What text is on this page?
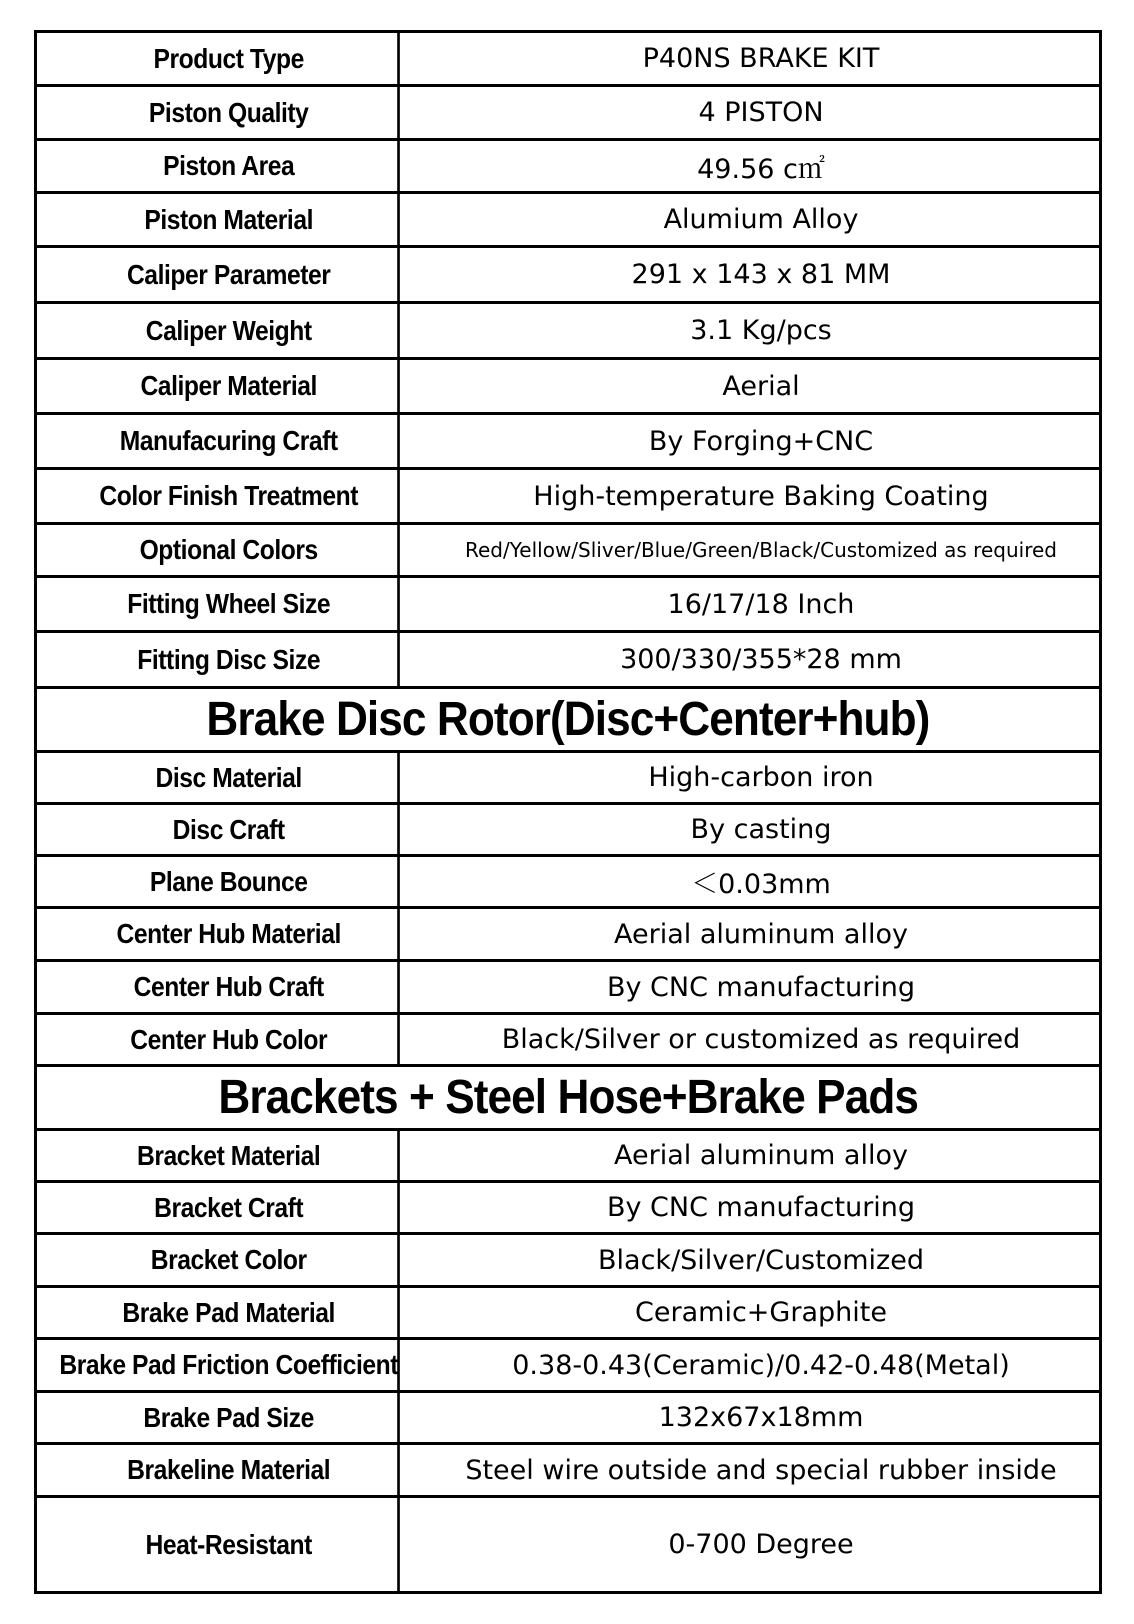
Product Type	P40NS BRAKE KIT
Piston Quality	4 PISTON
Piston Area	49.56 c㎡
Piston Material	Alumium Alloy
Caliper Parameter	291 x 143 x 81 MM
Caliper Weight	3.1 Kg/pcs
Caliper Material	Aerial
Manufacuring Craft	By Forging+CNC
Color Finish Treatment	High-temperature Baking Coating
Optional Colors	Red/Yellow/Sliver/Blue/Green/Black/Customized as required
Fitting Wheel Size	16/17/18 Inch
Fitting Disc Size	300/330/355*28 mm
Brake Disc Rotor(Disc+Center+hub)
Disc Material	High-carbon iron
Disc Craft	By casting
Plane Bounce	＜0.03mm
Center Hub Material	Aerial aluminum alloy
Center Hub Craft	By CNC manufacturing
Center Hub Color	Black/Silver or customized as required
Brackets + Steel Hose+Brake Pads
Bracket Material	Aerial aluminum alloy
Bracket Craft	By CNC manufacturing
Bracket Color	Black/Silver/Customized
Brake Pad Material	Ceramic+Graphite
Brake Pad Friction Coefficient	0.38-0.43(Ceramic)/0.42-0.48(Metal)
Brake Pad Size	132x67x18mm
Brakeline Material	Steel wire outside and special rubber inside
Heat-Resistant	0-700 Degree
